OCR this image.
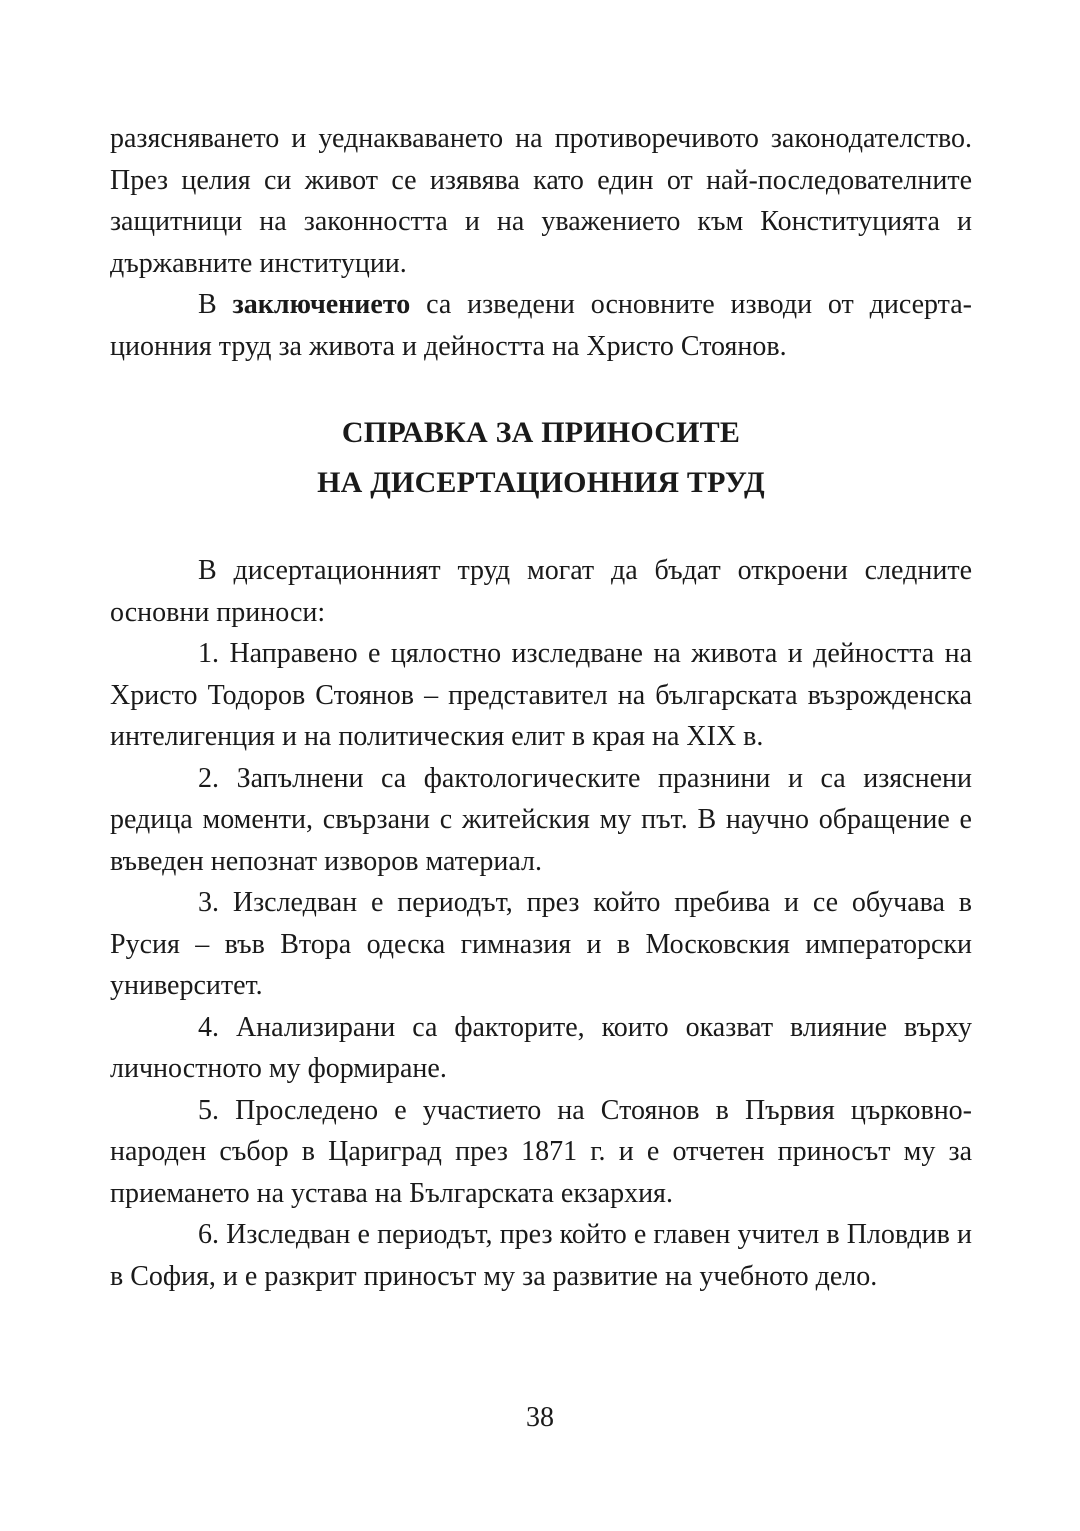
разясняването и уеднакваването на противоречивото законодателство. През целия си живот се изявява като един от най-последователните защитници на законността и на уважението към Конституцията и държавните институции.

В заключението са изведени основните изводи от дисертационния труд за живота и дейността на Христо Стоянов.

СПРАВКА ЗА ПРИНОСИТЕ
НА ДИСЕРТАЦИОННИЯ ТРУД

В дисертационният труд могат да бъдат откроени следните основни приноси:

1. Направено е цялостно изследване на живота и дейността на Христо Тодоров Стоянов – представител на българската възрожденска интелигенция и на политическия елит в края на XIX в.

2. Запълнени са фактологическите празнини и са изяснени редица моменти, свързани с житейския му път. В научно обращение е въведен непознат изворов материал.

3. Изследван е периодът, през който пребива и се обучава в Русия – във Втора одеска гимназия и в Московския императорски университет.

4. Анализирани са факторите, които оказват влияние върху личностното му формиране.

5. Проследено е участието на Стоянов в Първия църковно-народен събор в Цариград през 1871 г. и е отчетен приносът му за приемането на устава на Българската екзархия.

6. Изследван е периодът, през който е главен учител в Пловдив и в София, и е разкрит приносът му за развитие на учебното дело.

38
